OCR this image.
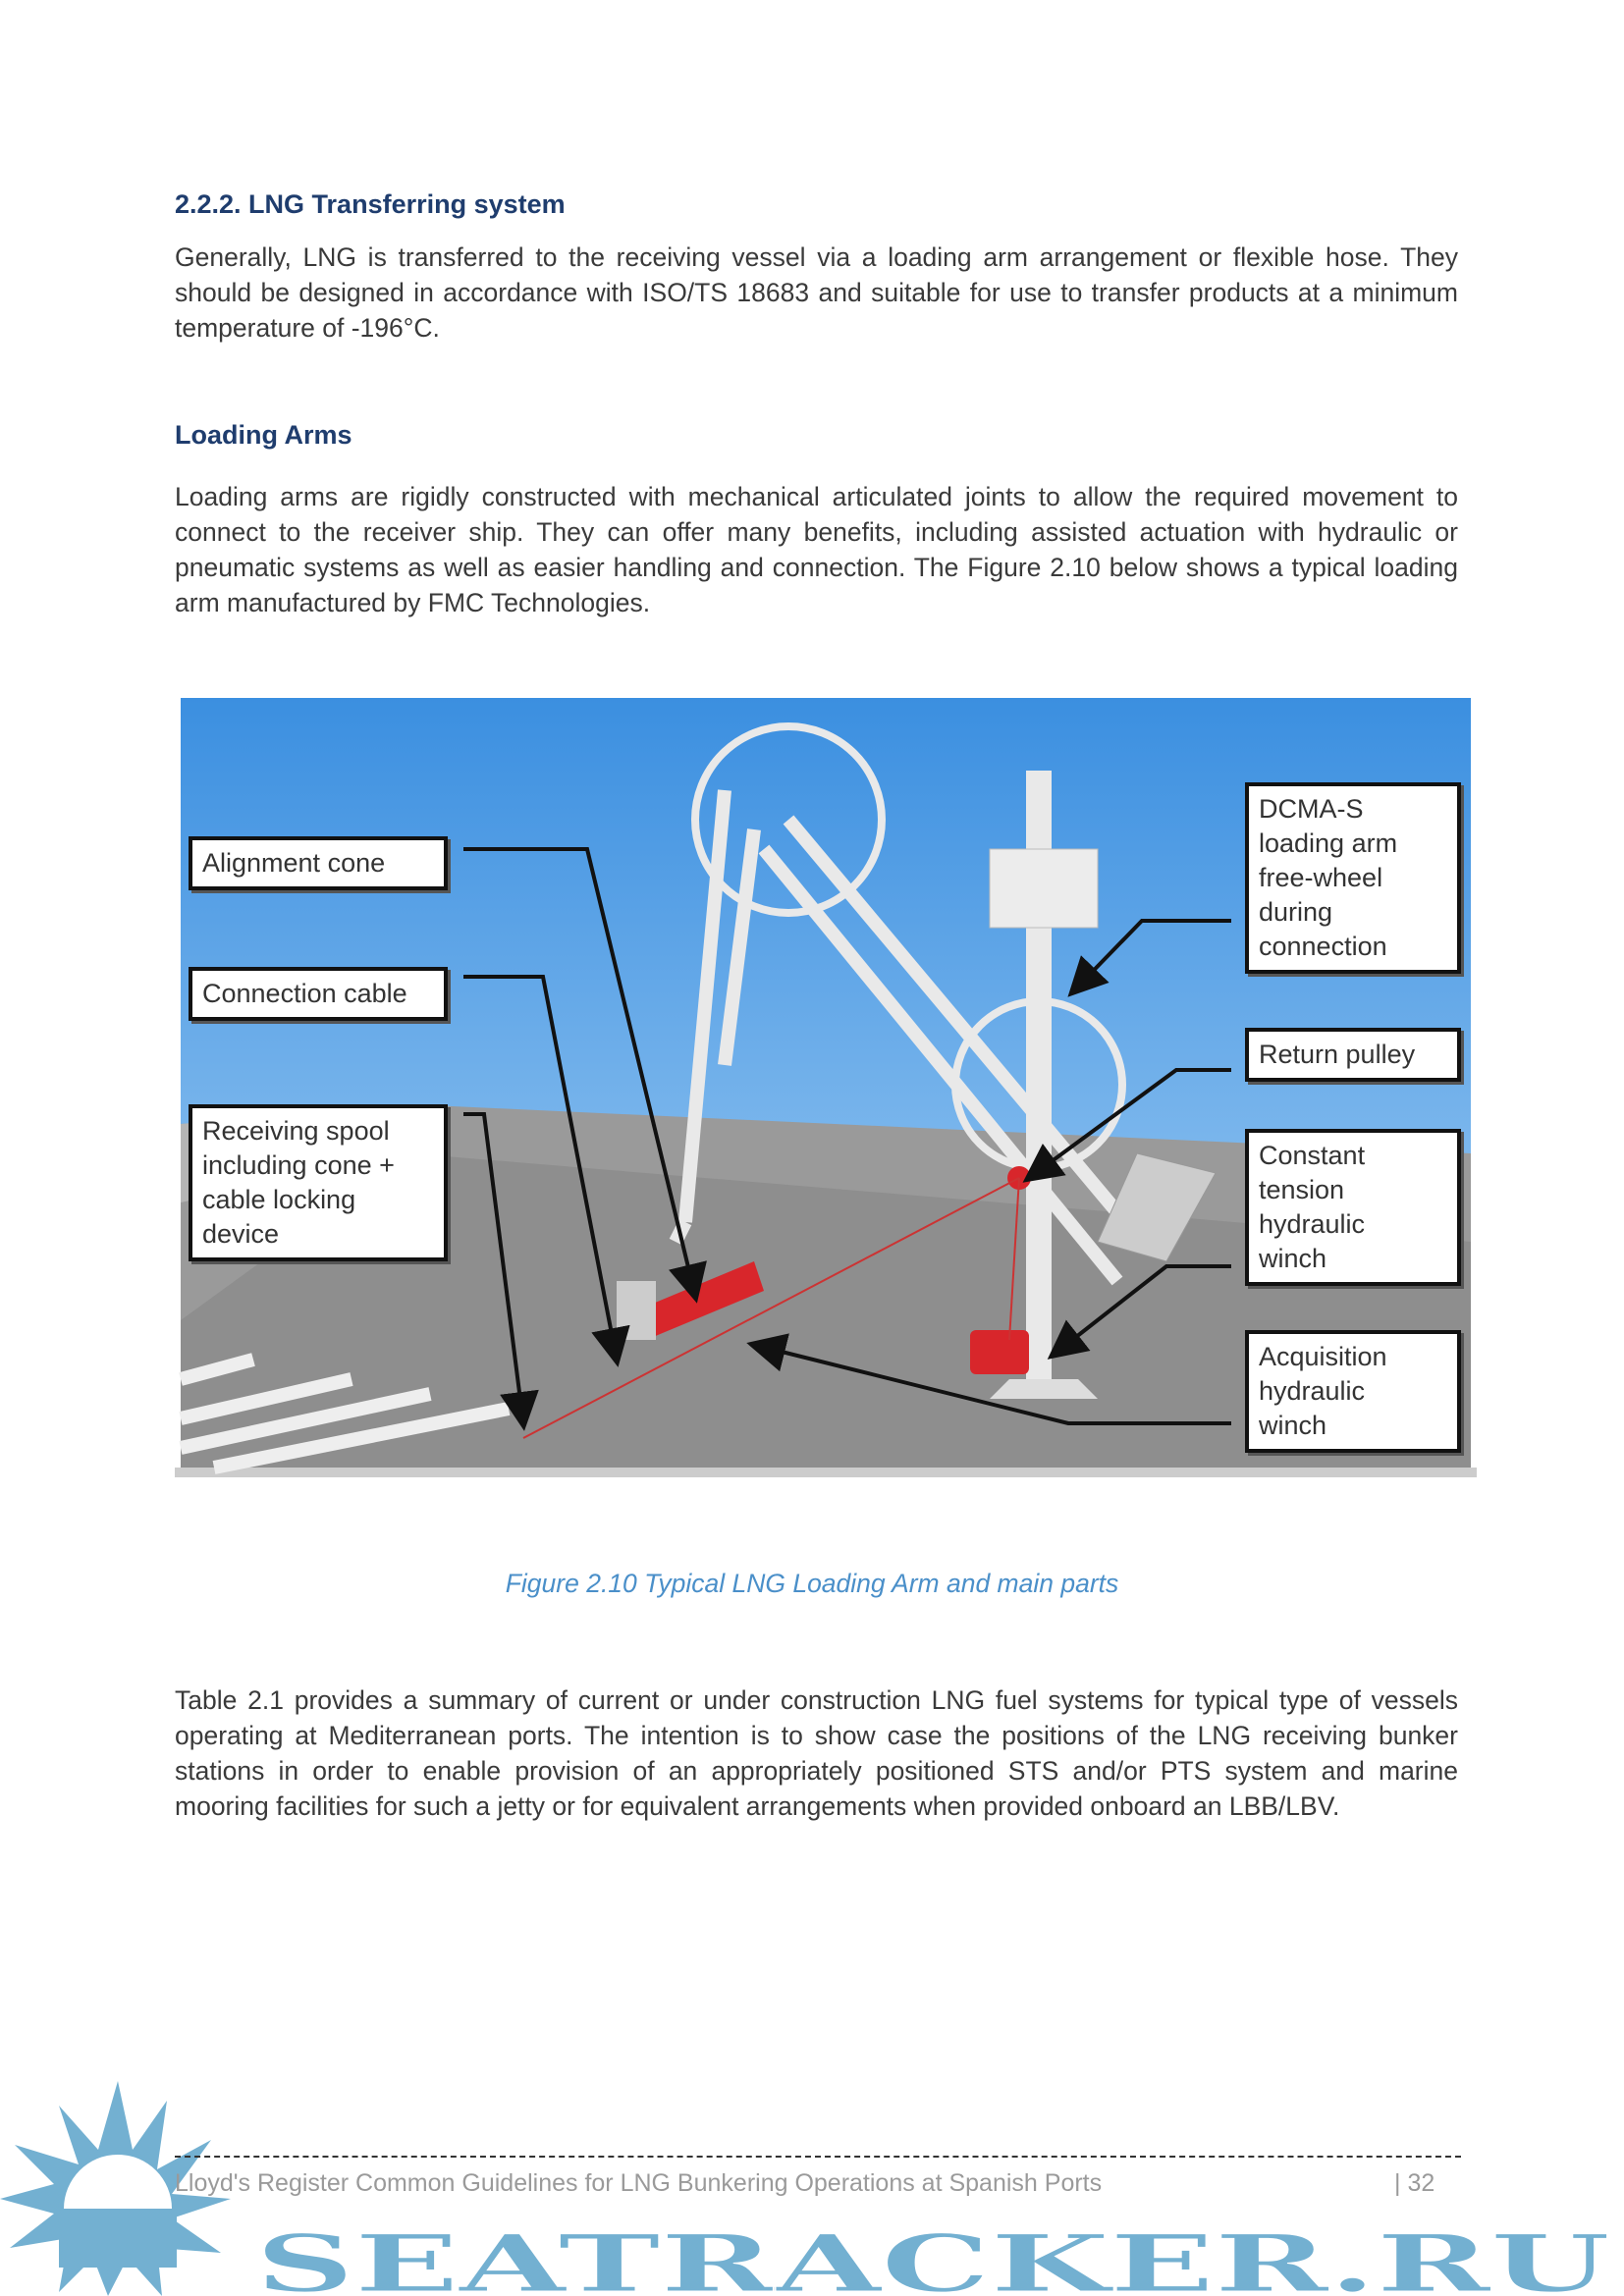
2.2.2. LNG Transferring system

Generally, LNG is transferred to the receiving vessel via a loading arm arrangement or flexible hose. They should be designed in accordance with ISO/TS 18683 and suitable for use to transfer products at a minimum temperature of -196°C.

Loading Arms

Loading arms are rigidly constructed with mechanical articulated joints to allow the required movement to connect to the receiver ship. They can offer many benefits, including assisted actuation with hydraulic or pneumatic systems as well as easier handling and connection. The Figure 2.10 below shows a typical loading arm manufactured by FMC Technologies.

Alignment cone
Connection cable
Receiving spool
including cone +
cable locking
device
DCMA-S
loading arm
free-wheel
during
connection
Return pulley
Constant
tension
hydraulic
winch
Acquisition
hydraulic
winch
Figure 2.10 Typical LNG Loading Arm and main parts

Table 2.1 provides a summary of current or under construction LNG fuel systems for typical type of vessels operating at Mediterranean ports. The intention is to show case the positions of the LNG receiving bunker stations in order to enable provision of an appropriately positioned STS and/or PTS system and marine mooring facilities for such a jetty or for equivalent arrangements when provided onboard an LBB/LBV.

SEATRACKER.RU
Lloyd's Register Common Guidelines for LNG Bunkering Operations at Spanish Ports	| 32
